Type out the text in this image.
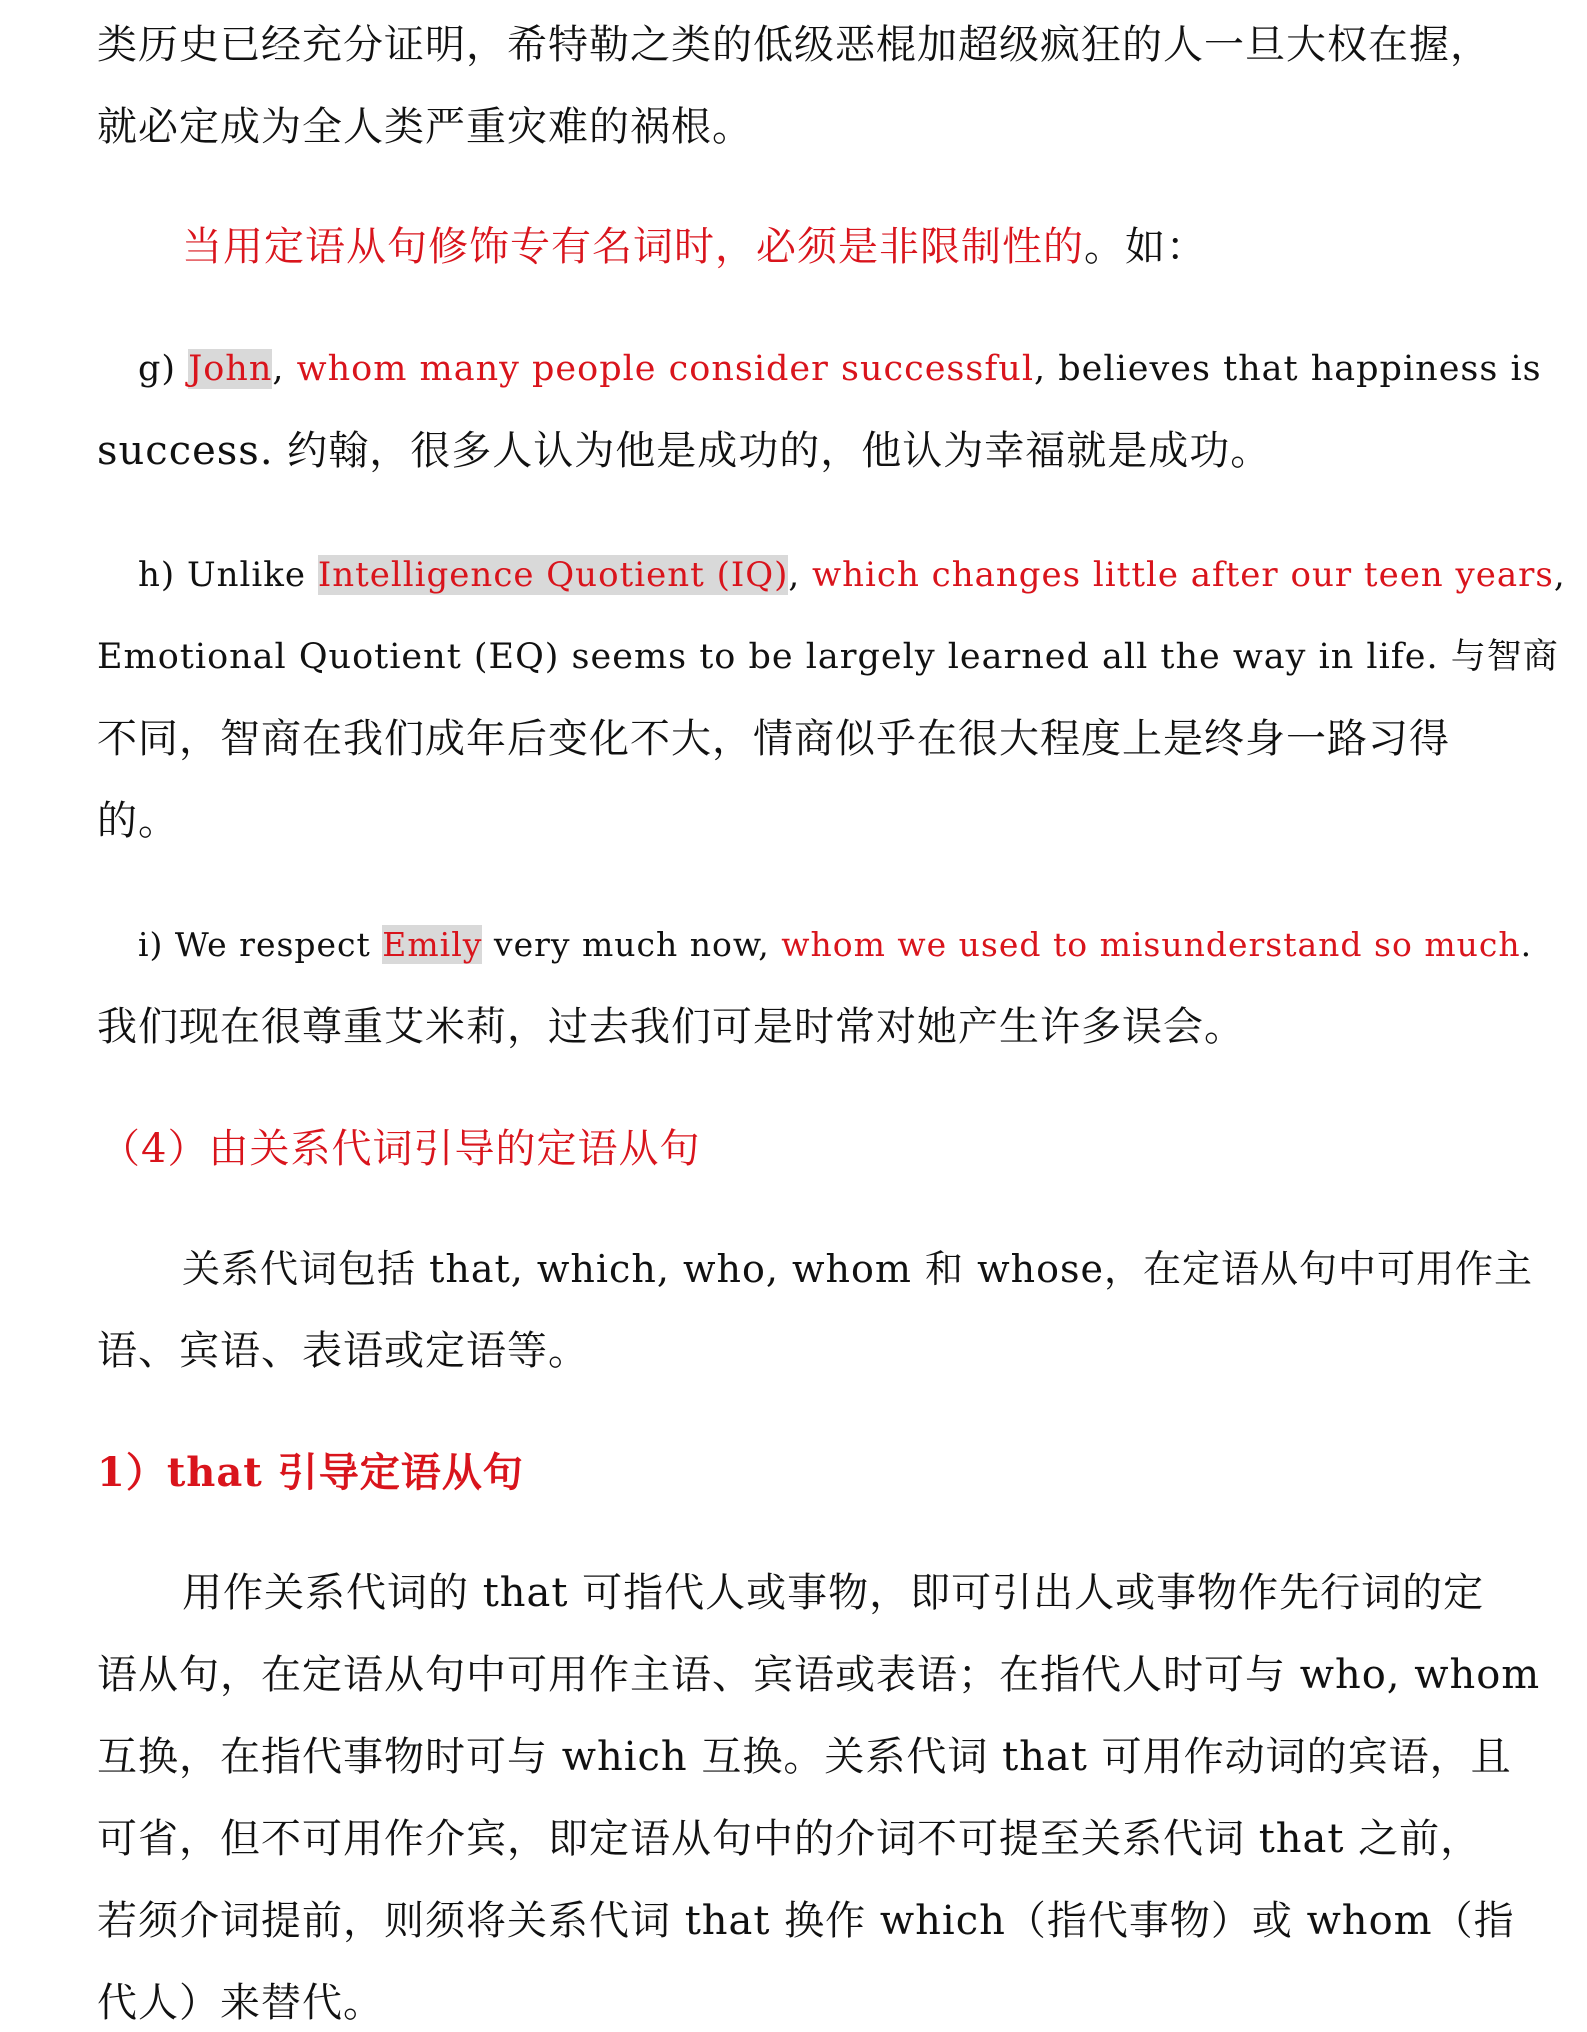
类历史已经充分证明，希特勒之类的低级恶棍加超级疯狂的人一旦大权在握，
就必定成为全人类严重灾难的祸根。
当用定语从句修饰专有名词时，必须是非限制性的。如：
g) John, whom many people consider successful, believes that happiness is
success. 约翰，很多人认为他是成功的，他认为幸福就是成功。
h) Unlike Intelligence Quotient (IQ), which changes little after our teen years,
Emotional Quotient (EQ) seems to be largely learned all the way in life. 与智商
不同，智商在我们成年后变化不大，情商似乎在很大程度上是终身一路习得
的。
i) We respect Emily very much now, whom we used to misunderstand so much.
我们现在很尊重艾米莉，过去我们可是时常对她产生许多误会。
（4）由关系代词引导的定语从句
关系代词包括 that, which, who, whom 和 whose，在定语从句中可用作主
语、宾语、表语或定语等。
1）that 引导定语从句
用作关系代词的 that 可指代人或事物，即可引出人或事物作先行词的定
语从句，在定语从句中可用作主语、宾语或表语；在指代人时可与 who, whom
互换，在指代事物时可与 which 互换。关系代词 that 可用作动词的宾语，且
可省，但不可用作介宾，即定语从句中的介词不可提至关系代词 that 之前，
若须介词提前，则须将关系代词 that 换作 which（指代事物）或 whom（指
代人）来替代。
